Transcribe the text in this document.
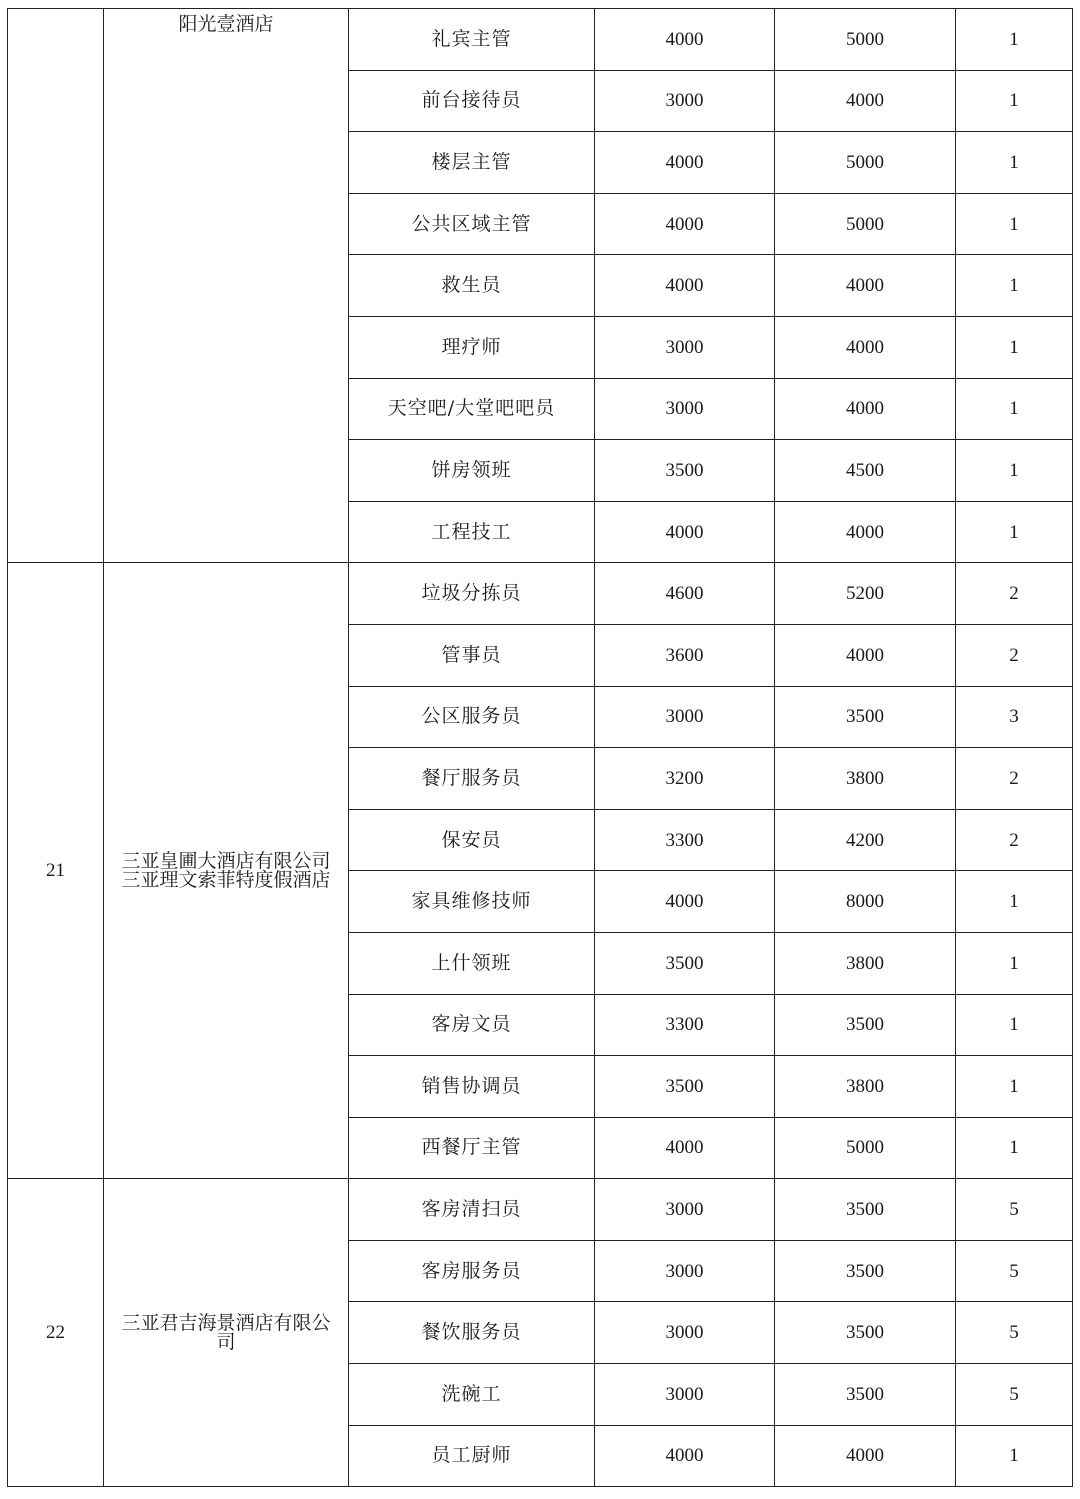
	阳光壹酒店	礼宾主管	4000	5000	1
		前台接待员	3000	4000	1
		楼层主管	4000	5000	1
		公共区域主管	4000	5000	1
		救生员	4000	4000	1
		理疗师	3000	4000	1
		天空吧/大堂吧吧员	3000	4000	1
		饼房领班	3500	4500	1
		工程技工	4000	4000	1
21	三亚皇圃大酒店有限公司三亚理文索菲特度假酒店	垃圾分拣员	4600	5200	2
		管事员	3600	4000	2
		公区服务员	3000	3500	3
		餐厅服务员	3200	3800	2
		保安员	3300	4200	2
		家具维修技师	4000	8000	1
		上什领班	3500	3800	1
		客房文员	3300	3500	1
		销售协调员	3500	3800	1
		西餐厅主管	4000	5000	1
22	三亚君吉海景酒店有限公司	客房清扫员	3000	3500	5
		客房服务员	3000	3500	5
		餐饮服务员	3000	3500	5
		洗碗工	3000	3500	5
		员工厨师	4000	4000	1
